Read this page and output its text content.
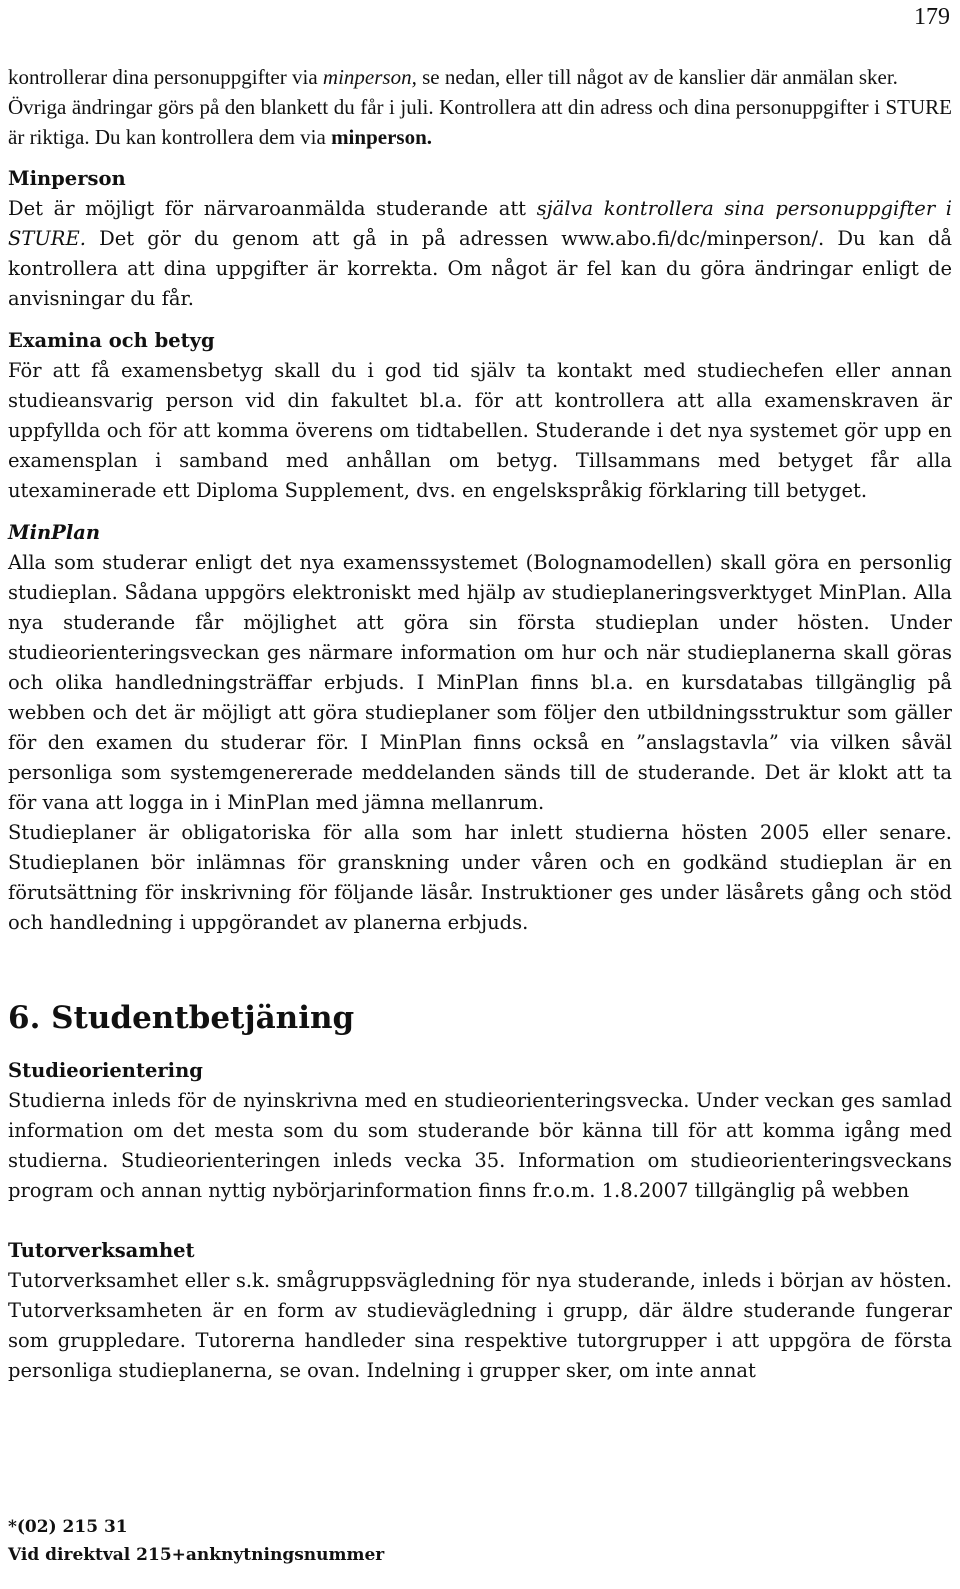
179

kontrollerar dina personuppgifter via minperson, se nedan, eller till något av de kanslier där anmälan sker.

Övriga ändringar görs på den blankett du får i juli. Kontrollera att din adress och dina personuppgifter i STURE är riktiga. Du kan kontrollera dem via minperson.

Minperson

Det är möjligt för närvaroanmälda studerande att själva kontrollera sina personuppgifter i STURE. Det gör du genom att gå in på adressen www.abo.fi/dc/minperson/. Du kan då kontrollera att dina uppgifter är korrekta. Om något är fel kan du göra ändringar enligt de anvisningar du får.

Examina och betyg

För att få examensbetyg skall du i god tid själv ta kontakt med studiechefen eller annan studieansvarig person vid din fakultet bl.a. för att kontrollera att alla examenskraven är uppfyllda och för att komma överens om tidtabellen. Studerande i det nya systemet gör upp en examensplan i samband med anhållan om betyg. Tillsammans med betyget får alla utexaminerade ett Diploma Supplement, dvs. en engelskspråkig förklaring till betyget.

MinPlan

Alla som studerar enligt det nya examenssystemet (Bolognamodellen) skall göra en personlig studieplan. Sådana uppgörs elektroniskt med hjälp av studieplaneringsverktyget MinPlan. Alla nya studerande får möjlighet att göra sin första studieplan under hösten. Under studieorienteringsveckan ges närmare information om hur och när studieplanerna skall göras och olika handledningsträffar erbjuds. I MinPlan finns bl.a. en kursdatabas tillgänglig på webben och det är möjligt att göra studieplaner som följer den utbildningsstruktur som gäller för den examen du studerar för. I MinPlan finns också en ”anslagstavla” via vilken såväl personliga som systemgenererade meddelanden sänds till de studerande. Det är klokt att ta för vana att logga in i MinPlan med jämna mellanrum.

Studieplaner är obligatoriska för alla som har inlett studierna hösten 2005 eller senare. Studieplanen bör inlämnas för granskning under våren och en godkänd studieplan är en förutsättning för inskrivning för följande läsår. Instruktioner ges under läsårets gång och stöd och handledning i uppgörandet av planerna erbjuds.

6. Studentbetjäning

Studieorientering

Studierna inleds för de nyinskrivna med en studieorienteringsvecka. Under veckan ges samlad information om det mesta som du som studerande bör känna till för att komma igång med studierna. Studieorienteringen inleds vecka 35. Information om studieorienteringsveckans program och annan nyttig nybörjarinformation finns fr.o.m. 1.8.2007 tillgänglig på webben

Tutorverksamhet

Tutorverksamhet eller s.k. smågruppsvägledning för nya studerande, inleds i början av hösten. Tutorverksamheten är en form av studievägledning i grupp, där äldre studerande fungerar som gruppledare. Tutorerna handleder sina respektive tutorgrupper i att uppgöra de första personliga studieplanerna, se ovan. Indelning i grupper sker, om inte annat

*(02) 215 31
Vid direktval 215+anknytningsnummer
